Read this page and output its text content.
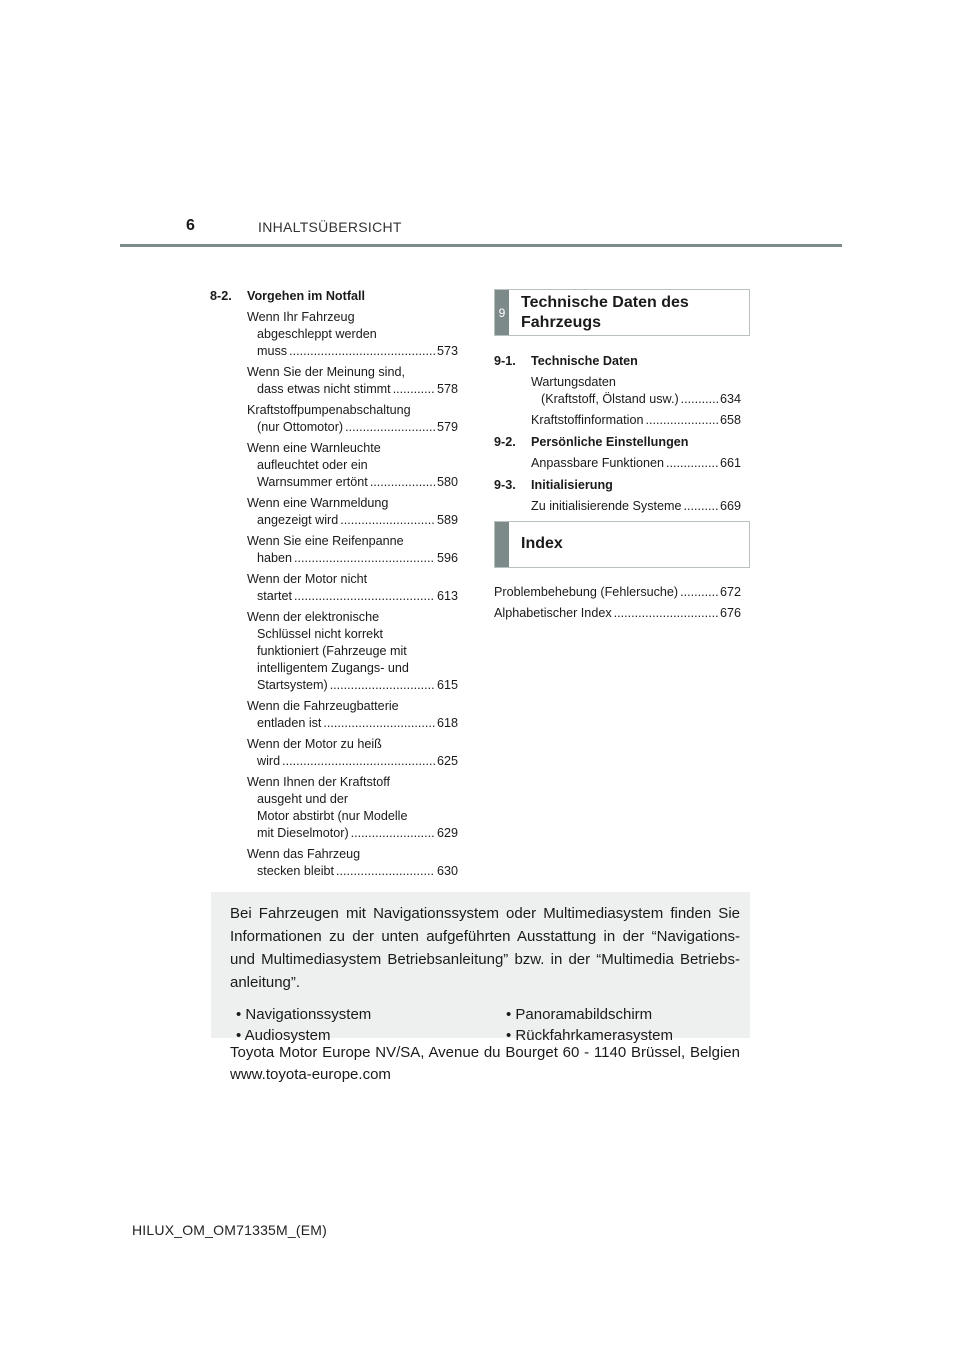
6	INHALTSÜBERSICHT
8-2.	Vorgehen im Notfall
Wenn Ihr Fahrzeug
abgeschleppt werden
muss .....	573
Wenn Sie der Meinung sind,
dass etwas nicht stimmt .....	578
Kraftstoffpumpenabschaltung
(nur Ottomotor) .....	579
Wenn eine Warnleuchte
aufleuchtet oder ein
Warnsummer ertönt .....	580
Wenn eine Warnmeldung
angezeigt wird .....	589
Wenn Sie eine Reifenpanne
haben .....	596
Wenn der Motor nicht
startet .....	613
Wenn der elektronische
Schlüssel nicht korrekt
funktioniert (Fahrzeuge mit
intelligentem Zugangs- und
Startsystem) .....	615
Wenn die Fahrzeugbatterie
entladen ist .....	618
Wenn der Motor zu heiß
wird .....	625
Wenn Ihnen der Kraftstoff
ausgeht und der
Motor abstirbt (nur Modelle
mit Dieselmotor) .....	629
Wenn das Fahrzeug
stecken bleibt .....	630
9
Technische Daten des
Fahrzeugs
9-1.	Technische Daten
Wartungsdaten
(Kraftstoff, Ölstand usw.) .....	634
Kraftstoffinformation .....	658
9-2.	Persönliche Einstellungen
Anpassbare Funktionen .....	661
9-3.	Initialisierung
Zu initialisierende Systeme .....	669
Index
Problembehebung (Fehlersuche) .....	672
Alphabetischer Index .....	676

Bei Fahrzeugen mit Navigationssystem oder Multimediasystem finden Sie Informationen zu der unten aufgeführten Ausstattung in der “Navigations- und Multimediasystem Betriebsanleitung” bzw. in der “Multimedia Betriebs-anleitung”.

• Navigationssystem	• Panoramabildschirm
• Audiosystem	• Rückfahrkamerasystem
Toyota Motor Europe NV/SA, Avenue du Bourget 60 - 1140 Brüssel, Belgien www.toyota-europe.com
HILUX_OM_OM71335M_(EM)
